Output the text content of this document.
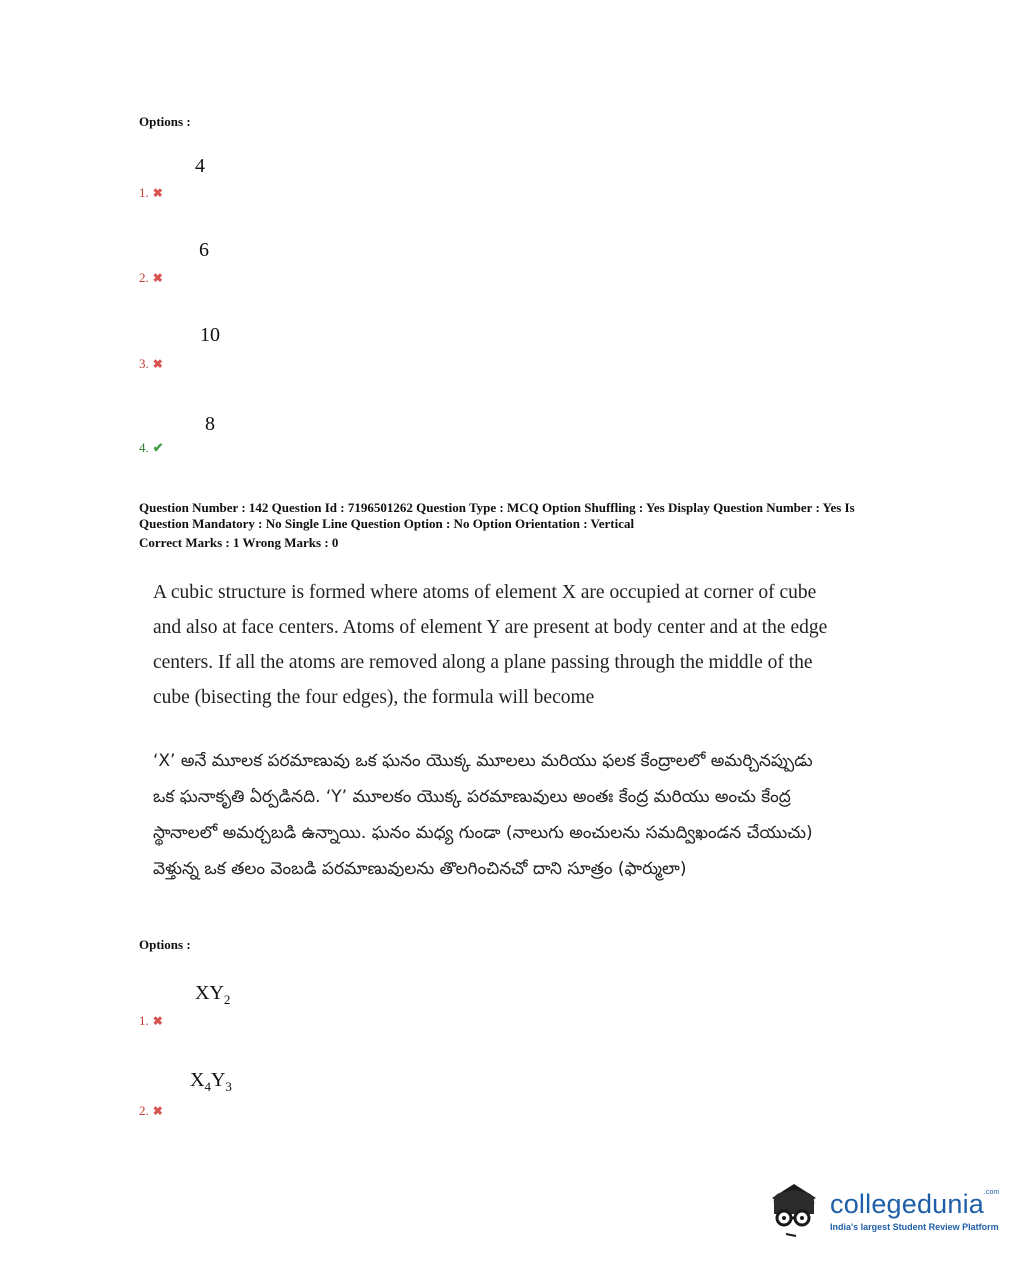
Options :
4
1. ✖
6
2. ✖
10
3. ✖
8
4. ✔
Question Number : 142 Question Id : 7196501262 Question Type : MCQ Option Shuffling : Yes Display Question Number : Yes Is
Question Mandatory : No Single Line Question Option : No Option Orientation : Vertical
Correct Marks : 1 Wrong Marks : 0
A cubic structure is formed where atoms of element X are occupied at corner of cube
and also at face centers. Atoms of element Y are present at body center and at the edge
centers. If all the atoms are removed along a plane passing through the middle of the
cube (bisecting the four edges), the formula will become
‘X’ అనే మూలక పరమాణువు ఒక ఘనం యొక్క మూలలు మరియు ఫలక కేంద్రాలలో అమర్చినప్పుడు
ఒక ఘనాకృతి ఏర్పడినది. ‘Y’ మూలకం యొక్క పరమాణువులు అంతః కేంద్ర మరియు అంచు కేంద్ర
స్థానాలలో అమర్చబడి ఉన్నాయి. ఘనం మధ్య గుండా (నాలుగు అంచులను సమద్విఖండన చేయుచు)
వెళ్తున్న ఒక తలం వెంబడి పరమాణువులను తొలగించినచో దాని సూత్రం (ఫార్ములా)
Options :
$XY_2$
1. ✖
$X_4Y_3$
2. ✖
collegedunia$^{.com}$
India's largest Student Review Platform
